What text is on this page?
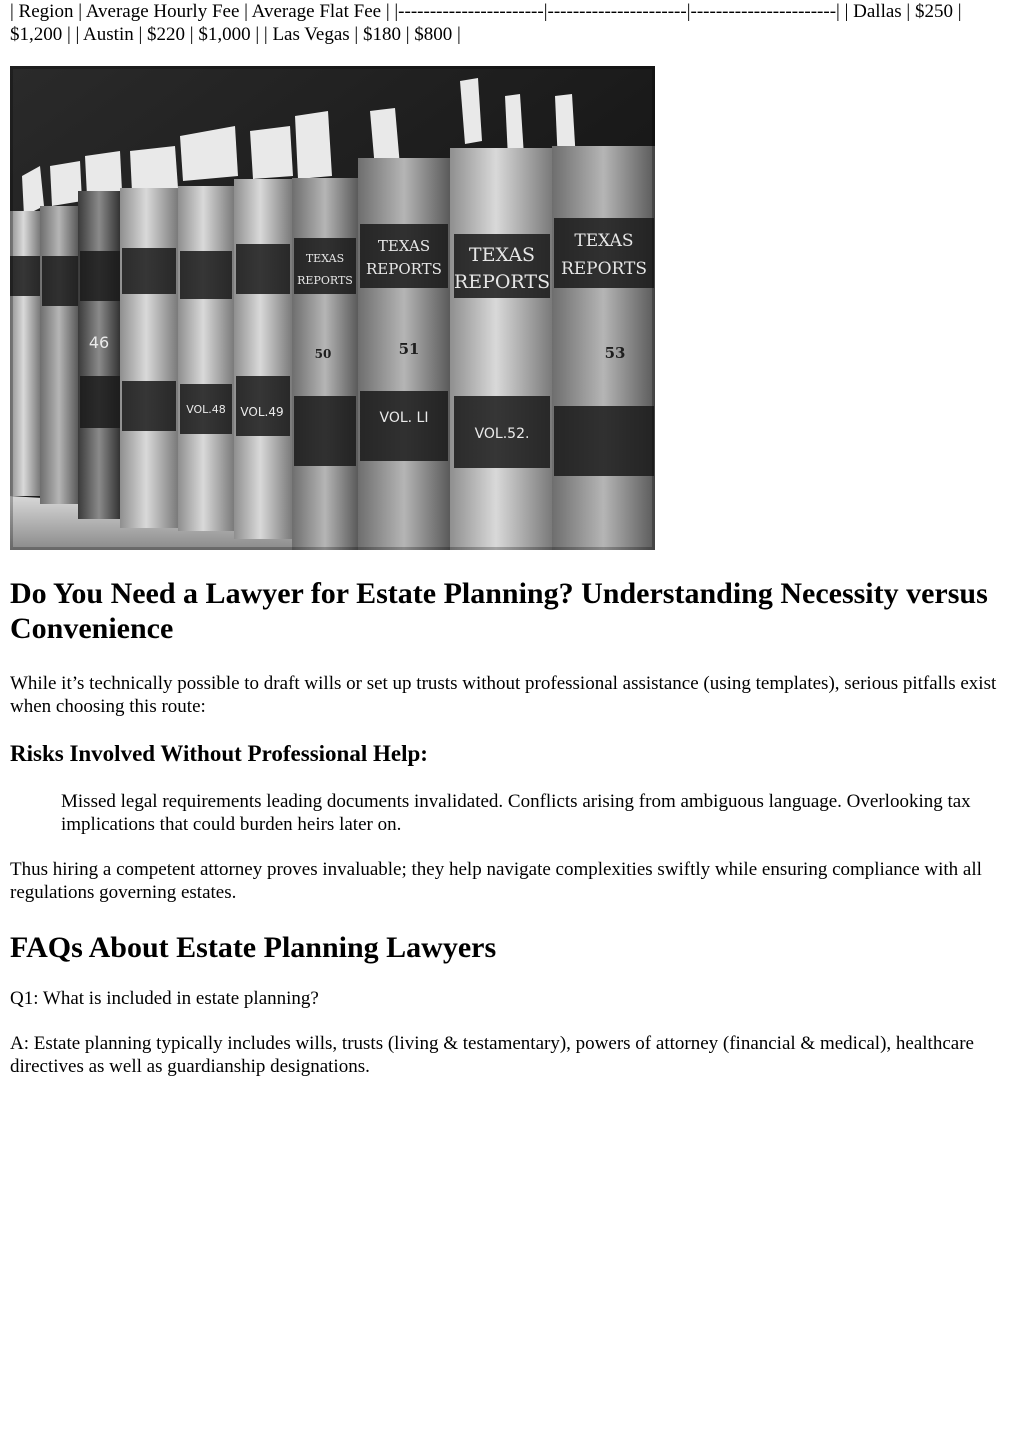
| Region | Average Hourly Fee | Average Flat Fee | |-----------------------|----------------------|-----------------------| | Dallas | $250 | $1,200 | | Austin | $220 | $1,000 | | Las Vegas | $180 | $800 |

TEXAS
REPORTS
TEXAS
REPORTS
TEXAS
REPORTS
TEXAS
REPORTS
53
51
50
VOL. LI
VOL.52.
VOL.48 VOL.49
46
Do You Need a Lawyer for Estate Planning? Understanding Necessity versus Convenience

While it’s technically possible to draft wills or set up trusts without professional assistance (using templates), serious pitfalls exist when choosing this route:

Risks Involved Without Professional Help:
Missed legal requirements leading documents invalidated. Conflicts arising from ambiguous language. Overlooking tax implications that could burden heirs later on.

Thus hiring a competent attorney proves invaluable; they help navigate complexities swiftly while ensuring compliance with all regulations governing estates.

FAQs About Estate Planning Lawyers

Q1: What is included in estate planning?

A: Estate planning typically includes wills, trusts (living & testamentary), powers of attorney (financial & medical), healthcare directives as well as guardianship designations.
